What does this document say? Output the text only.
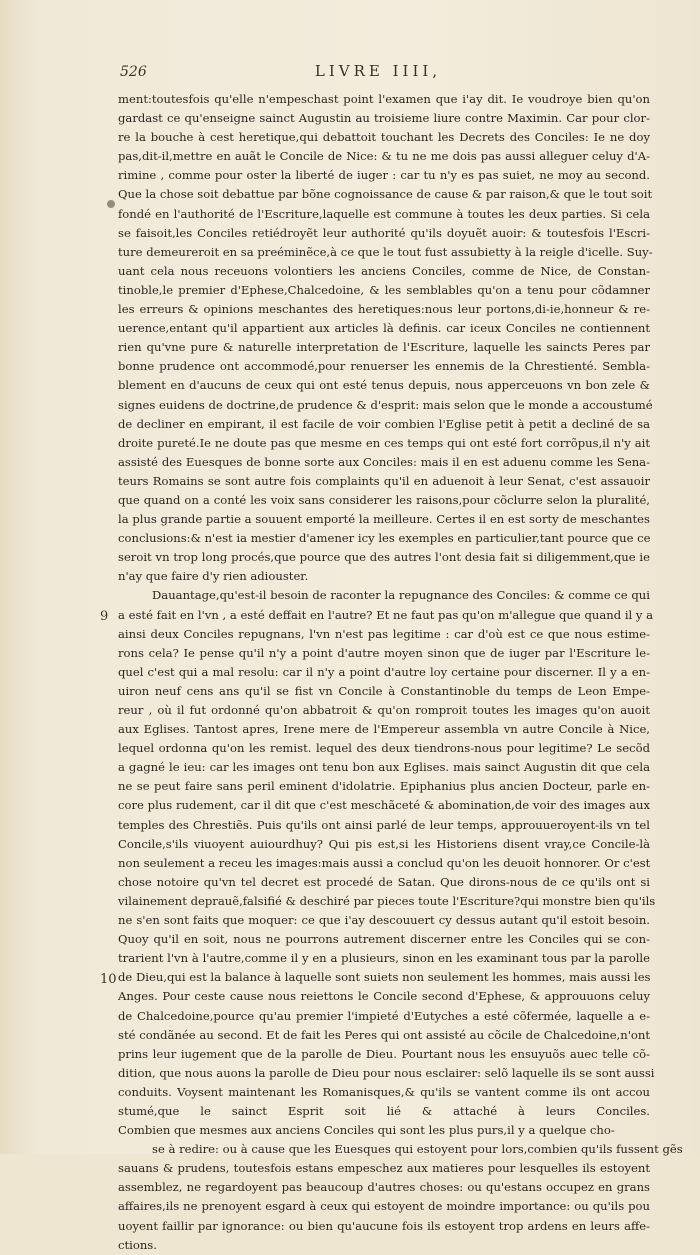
526	LIVRE IIII,
9
10
ment:toutesfois qu'elle n'empeschast point l'examen que i'ay dit. Ie voudroye bien qu'on
gardast ce qu'enseigne sainct Augustin au troisieme liure contre Maximin. Car pour clor-
re la bouche à cest heretique,qui debattoit touchant les Decrets des Conciles: Ie ne doy
pas,dit-il,mettre en auãt le Concile de Nice: & tu ne me dois pas aussi alleguer celuy d'A-
rimine , comme pour oster la liberté de iuger : car tu n'y es pas suiet, ne moy au second.
Que la chose soit debattue par bõne cognoissance de cause & par raison,& que le tout soit
fondé en l'authorité de l'Escriture,laquelle est commune à toutes les deux parties. Si cela
se faisoit,les Conciles retiédroyẽt leur authorité qu'ils doyuẽt auoir: & toutesfois l'Escri-
ture demeureroit en sa preéminẽce,à ce que le tout fust assubietty à la reigle d'icelle. Suy-
uant cela nous receuons volontiers les anciens Conciles, comme de Nice, de Constan-
tinoble,le premier d'Ephese,Chalcedoine, & les semblables qu'on a tenu pour cõdamner
les erreurs & opinions meschantes des heretiques:nous leur portons,di-ie,honneur & re-
uerence,entant qu'il appartient aux articles là definis. car iceux Conciles ne contiennent
rien qu'vne pure & naturelle interpretation de l'Escriture, laquelle les saincts Peres par
bonne prudence ont accommodé,pour renuerser les ennemis de la Chrestienté. Sembla-
blement en d'aucuns de ceux qui ont esté tenus depuis, nous apperceuons vn bon zele &
signes euidens de doctrine,de prudence & d'esprit: mais selon que le monde a accoustumé
de decliner en empirant, il est facile de voir combien l'Eglise petit à petit a decliné de sa
droite pureté.Ie ne doute pas que mesme en ces temps qui ont esté fort corrõpus,il n'y ait
assisté des Euesques de bonne sorte aux Conciles: mais il en est aduenu comme les Sena-
teurs Romains se sont autre fois complaints qu'il en aduenoit à leur Senat, c'est assauoir
que quand on a conté les voix sans considerer les raisons,pour cõclurre selon la pluralité,
la plus grande partie a souuent emporté la meilleure. Certes il en est sorty de meschantes
conclusions:& n'est ia mestier d'amener icy les exemples en particulier,tant pource que ce
seroit vn trop long procés,que pource que des autres l'ont desia fait si diligemment,que ie
n'ay que faire d'y rien adiouster.
Dauantage,qu'est-il besoin de raconter la repugnance des Conciles: & comme ce qui
a esté fait en l'vn , a esté deffait en l'autre? Et ne faut pas qu'on m'allegue que quand il y a
ainsi deux Conciles repugnans, l'vn n'est pas legitime : car d'où est ce que nous estime-
rons cela? Ie pense qu'il n'y a point d'autre moyen sinon que de iuger par l'Escriture le-
quel c'est qui a mal resolu: car il n'y a point d'autre loy certaine pour discerner. Il y a en-
uiron neuf cens ans qu'il se fist vn Concile à Constantinoble du temps de Leon Empe-
reur , où il fut ordonné qu'on abbatroit & qu'on romproit toutes les images qu'on auoit
aux Eglises. Tantost apres, Irene mere de l'Empereur assembla vn autre Concile à Nice,
lequel ordonna qu'on les remist. lequel des deux tiendrons-nous pour legitime? Le secõd
a gagné le ieu: car les images ont tenu bon aux Eglises. mais sainct Augustin dit que cela
ne se peut faire sans peril eminent d'idolatrie. Epiphanius plus ancien Docteur, parle en-
core plus rudement, car il dit que c'est meschãceté & abomination,de voir des images aux
temples des Chrestiẽs. Puis qu'ils ont ainsi parlé de leur temps, approuueroyent-ils vn tel
Concile,s'ils viuoyent auiourdhuy? Qui pis est,si les Historiens disent vray,ce Concile-là
non seulement a receu les images:mais aussi a conclud qu'on les deuoit honnorer. Or c'est
chose notoire qu'vn tel decret est procedé de Satan. Que dirons-nous de ce qu'ils ont si
vilainement deprauẽ,falsifié & deschiré par pieces toute l'Escriture?qui monstre bien qu'ils
ne s'en sont faits que moquer: ce que i'ay descouuert cy dessus autant qu'il estoit besoin.
Quoy qu'il en soit, nous ne pourrons autrement discerner entre les Conciles qui se con-
trarient l'vn à l'autre,comme il y en a plusieurs, sinon en les examinant tous par la parolle
de Dieu,qui est la balance à laquelle sont suiets non seulement les hommes, mais aussi les
Anges. Pour ceste cause nous reiettons le Concile second d'Ephese, & approuuons celuy
de Chalcedoine,pource qu'au premier l'impieté d'Eutyches a esté cõfermée, laquelle a e-
sté condãnée au second. Et de fait les Peres qui ont assisté au cõcile de Chalcedoine,n'ont
prins leur iugement que de la parolle de Dieu. Pourtant nous les ensuyuõs auec telle cõ-
dition, que nous auons la parolle de Dieu pour nous esclairer: selõ laquelle ils se sont aussi
conduits. Voysent maintenant les Romanisques,& qu'ils se vantent comme ils ont accou
stumé,que le sainct Esprit soit lié & attaché à leurs Conciles.
Combien que mesmes aux anciens Conciles qui sont les plus purs,il y a quelque cho-
se à redire: ou à cause que les Euesques qui estoyent pour lors,combien qu'ils fussent gẽs
sauans & prudens, toutesfois estans empeschez aux matieres pour lesquelles ils estoyent
assemblez, ne regardoyent pas beaucoup d'autres choses: ou qu'estans occupez en grans
affaires,ils ne prenoyent esgard à ceux qui estoyent de moindre importance: ou qu'ils pou
uoyent faillir par ignorance: ou bien qu'aucune fois ils estoyent trop ardens en leurs affe-
ctions.
